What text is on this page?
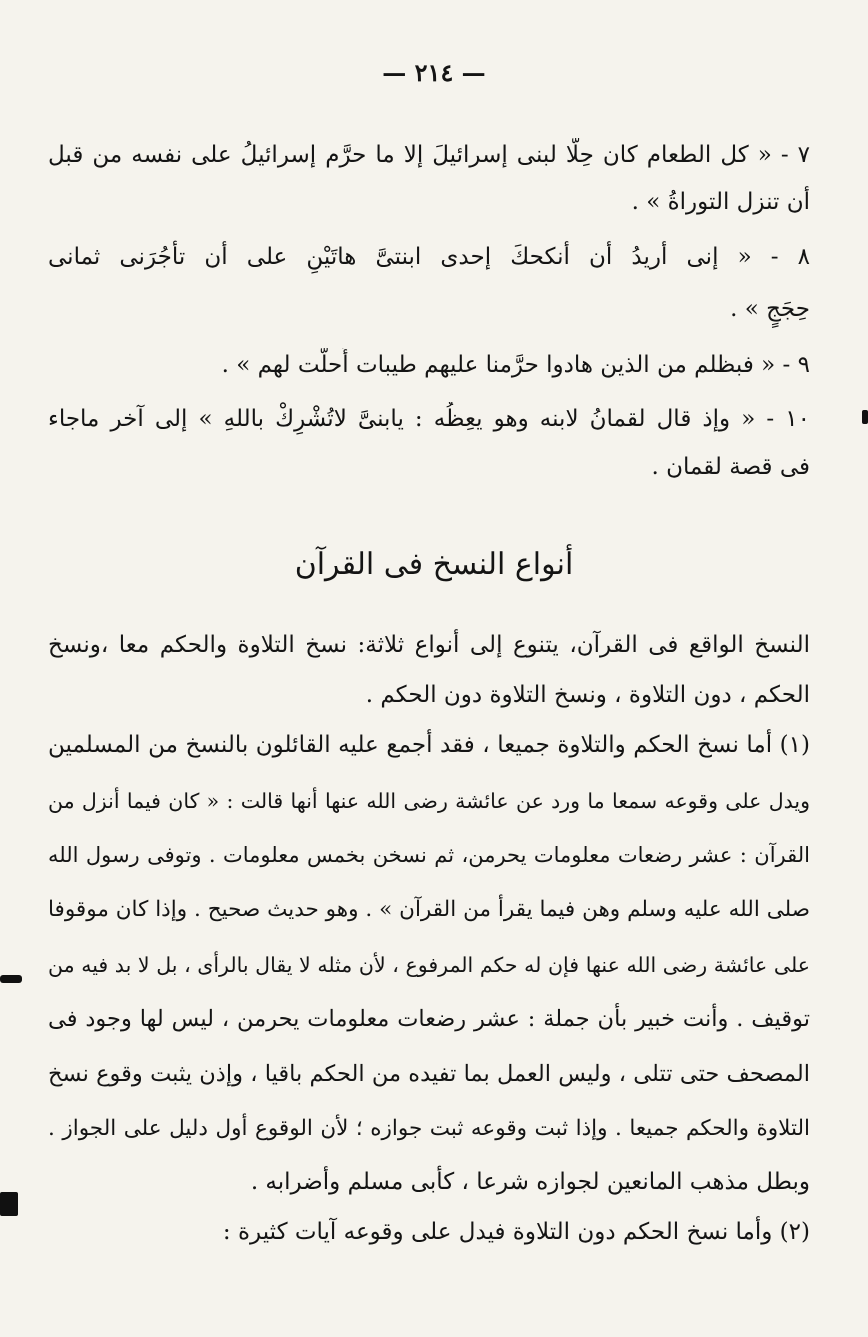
— ٢١٤ —
٧ - « كل الطعام كان حِلًّا لبنى إسرائيلَ إلا ما حرَّم إسرائيلُ على نفسه من قبل
أن تنزل التوراةُ » .
٨ - « إنى أريدُ أن أنكحكَ إحدى ابنتىَّ هاتَيْنِ على أن تأْجُرَنى ثمانى
حِجَجٍ » .
٩ - « فبظلم من الذين هادوا حرَّمنا عليهم طيبات أُحلّت لهم » .
١٠ - « وإذ قال لقمانُ لابنه وهو يعِظُه : يابنىَّ لاتُشْرِكْ باللهِ » إلى آخر ماجاء
فى قصة لقمان .
أنواع النسخ فى القرآن
النسخ الواقع فى القرآن، يتنوع إلى أنواع ثلاثة: نسخ التلاوة والحكم معا ،ونسخ
الحكم ، دون التلاوة ، ونسخ التلاوة دون الحكم .
(١) أما نسخ الحكم والتلاوة جميعا ، فقد أجمع عليه القائلون بالنسخ من المسلمين
ويدل على وقوعه سمعا ما ورد عن عائشة رضى الله عنها أنها قالت : « كان فيما أنزل من
القرآن : عشر رضعات معلومات يحرمن، ثم نسخن بخمس معلومات . وتوفى رسول الله
صلى الله عليه وسلم وهن فيما يقرأ من القرآن » . وهو حديث صحيح . وإذا كان موقوفا
على عائشة رضى الله عنها فإن له حكم المرفوع ، لأن مثله لا يقال بالرأى ، بل لا بد فيه من
توقيف . وأنت خبير بأن جملة : عشر رضعات معلومات يحرمن ، ليس لها وجود فى
المصحف حتى تتلى ، وليس العمل بما تفيده من الحكم باقيا ، وإذن يثبت وقوع نسخ
التلاوة والحكم جميعا . وإذا ثبت وقوعه ثبت جوازه ؛ لأن الوقوع أول دليل على الجواز .
وبطل مذهب المانعين لجوازه شرعا ، كأبى مسلم وأضرابه .
(٢) وأما نسخ الحكم دون التلاوة فيدل على وقوعه آيات كثيرة :
